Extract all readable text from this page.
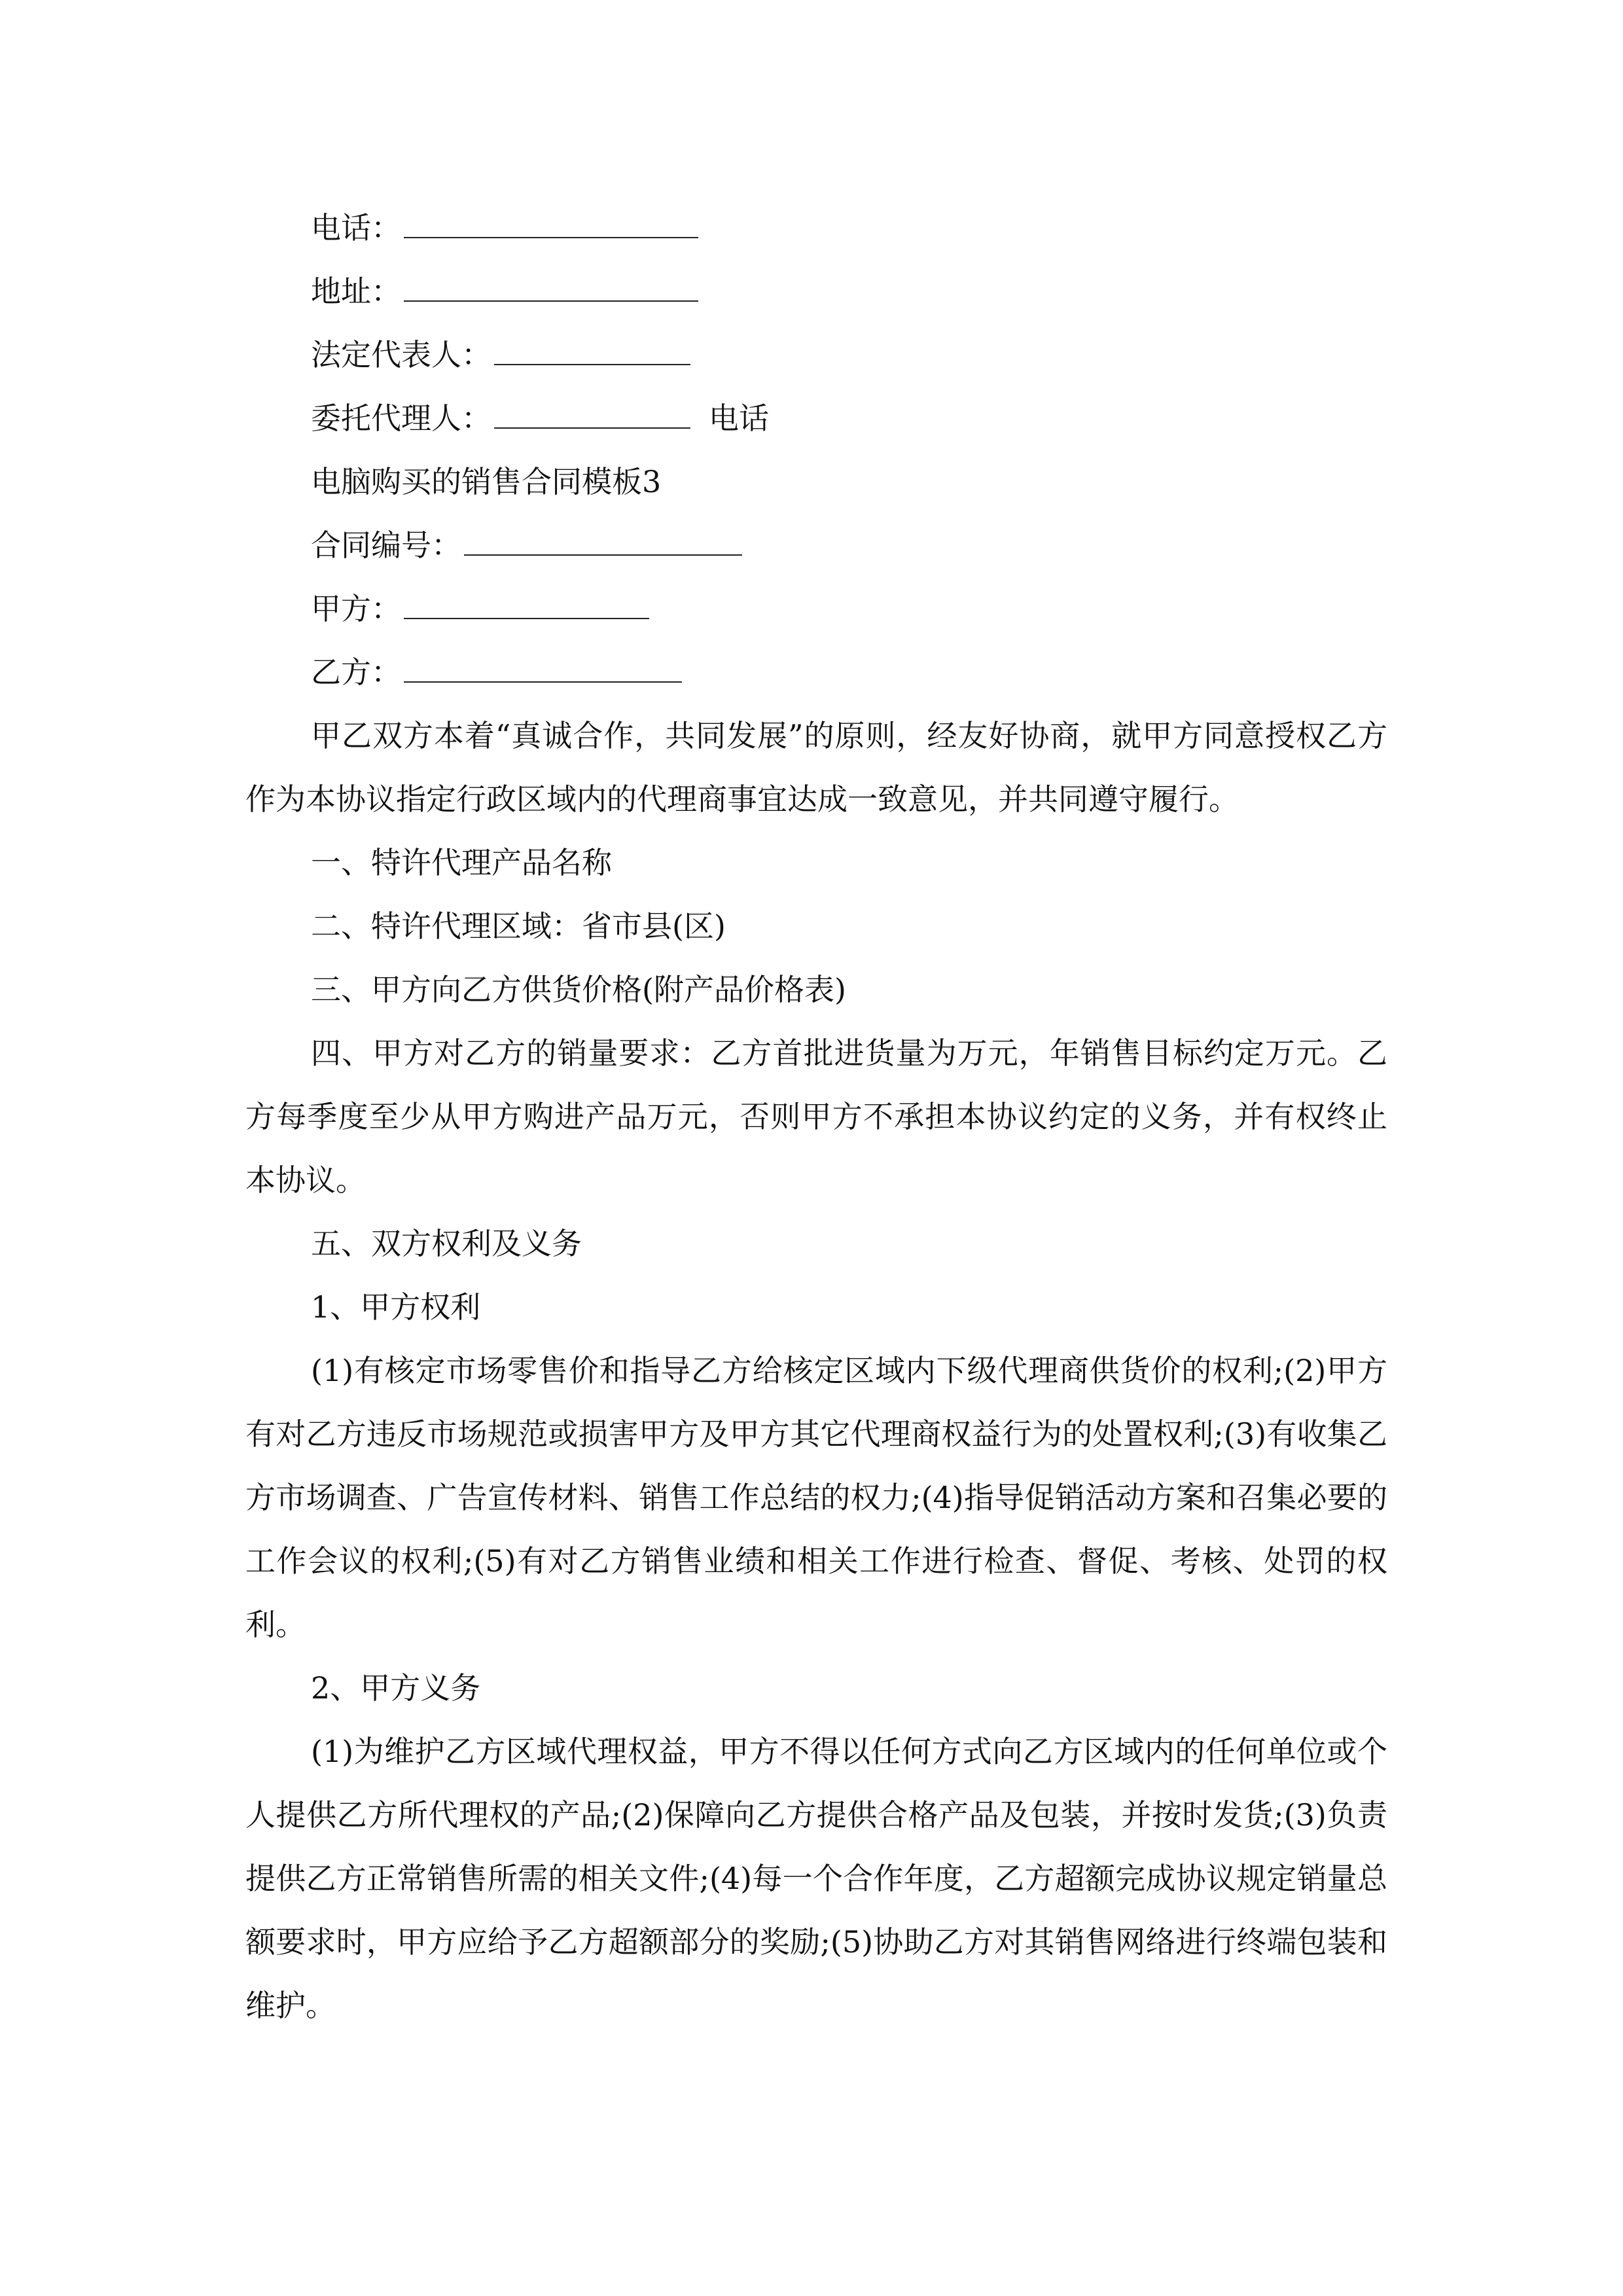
电话：
地址：
法定代表人：
委托代理人：	电话
电脑购买的销售合同模板3
合同编号：
甲方：
乙方：

甲乙双方本着“真诚合作，共同发展”的原则，经友好协商，就甲方同意授权乙方作为本协议指定行政区域内的代理商事宜达成一致意见，并共同遵守履行。

一、特许代理产品名称
二、特许代理区域：省市县(区)
三、甲方向乙方供货价格(附产品价格表)

四、甲方对乙方的销量要求：乙方首批进货量为万元，年销售目标约定万元。乙方每季度至少从甲方购进产品万元，否则甲方不承担本协议约定的义务，并有权终止本协议。

五、双方权利及义务
1、甲方权利

(1)有核定市场零售价和指导乙方给核定区域内下级代理商供货价的权利;(2)甲方有对乙方违反市场规范或损害甲方及甲方其它代理商权益行为的处置权利;(3)有收集乙方市场调查、广告宣传材料、销售工作总结的权力;(4)指导促销活动方案和召集必要的工作会议的权利;(5)有对乙方销售业绩和相关工作进行检查、督促、考核、处罚的权利。

2、甲方义务

(1)为维护乙方区域代理权益，甲方不得以任何方式向乙方区域内的任何单位或个人提供乙方所代理权的产品;(2)保障向乙方提供合格产品及包装，并按时发货;(3)负责提供乙方正常销售所需的相关文件;(4)每一个合作年度，乙方超额完成协议规定销量总额要求时，甲方应给予乙方超额部分的奖励;(5)协助乙方对其销售网络进行终端包装和维护。
